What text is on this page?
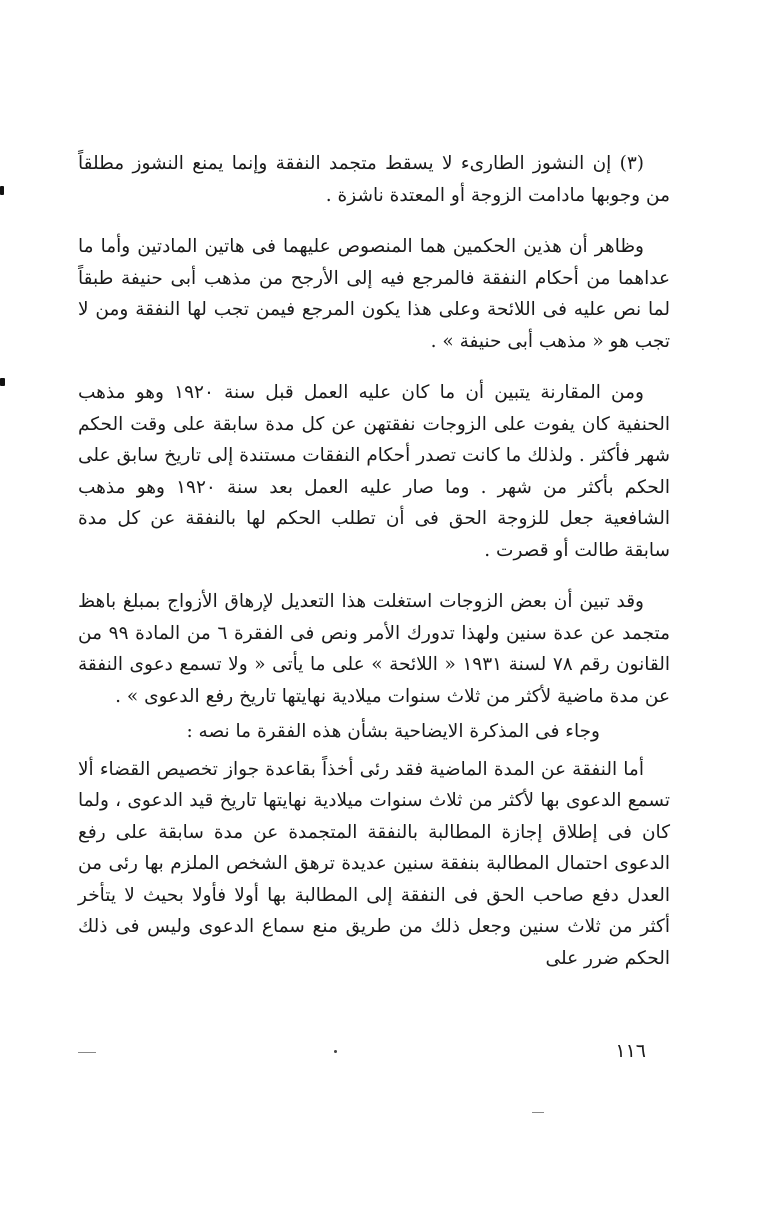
(٣) إن النشوز الطارىء لا يسقط متجمد النفقة وإنما يمنع النشوز مطلقاً من وجوبها مادامت الزوجة أو المعتدة ناشزة .

وظاهر أن هذين الحكمين هما المنصوص عليهما فى هاتين المادتين وأما ما عداهما من أحكام النفقة فالمرجع فيه إلى الأرجح من مذهب أبى حنيفة طبقاً لما نص عليه فى اللائحة وعلى هذا يكون المرجع فيمن تجب لها النفقة ومن لا تجب هو « مذهب أبى حنيفة » .

ومن المقارنة يتبين أن ما كان عليه العمل قبل سنة ١٩٢٠ وهو مذهب الحنفية كان يفوت على الزوجات نفقتهن عن كل مدة سابقة على وقت الحكم شهر فأكثر . ولذلك ما كانت تصدر أحكام النفقات مستندة إلى تاريخ سابق على الحكم بأكثر من شهر . وما صار عليه العمل بعد سنة ١٩٢٠ وهو مذهب الشافعية جعل للزوجة الحق فى أن تطلب الحكم لها بالنفقة عن كل مدة سابقة طالت أو قصرت .

وقد تبين أن بعض الزوجات استغلت هذا التعديل لإرهاق الأزواج بمبلغ باهظ متجمد عن عدة سنين ولهذا تدورك الأمر ونص فى الفقرة ٦ من المادة ٩٩ من القانون رقم ٧٨ لسنة ١٩٣١ « اللائحة » على ما يأتى « ولا تسمع دعوى النفقة عن مدة ماضية لأكثر من ثلاث سنوات ميلادية نهايتها تاريخ رفع الدعوى » .

وجاء فى المذكرة الايضاحية بشأن هذه الفقرة ما نصه :

أما النفقة عن المدة الماضية فقد رئى أخذاً بقاعدة جواز تخصيص القضاء ألا تسمع الدعوى بها لأكثر من ثلاث سنوات ميلادية نهايتها تاريخ قيد الدعوى ، ولما كان فى إطلاق إجازة المطالبة بالنفقة المتجمدة عن مدة سابقة على رفع الدعوى احتمال المطالبة بنفقة سنين عديدة ترهق الشخص الملزم بها رئى من العدل دفع صاحب الحق فى النفقة إلى المطالبة بها أولا فأولا بحيث لا يتأخر أكثر من ثلاث سنين وجعل ذلك من طريق منع سماع الدعوى وليس فى ذلك الحكم ضرر على

١١٦
